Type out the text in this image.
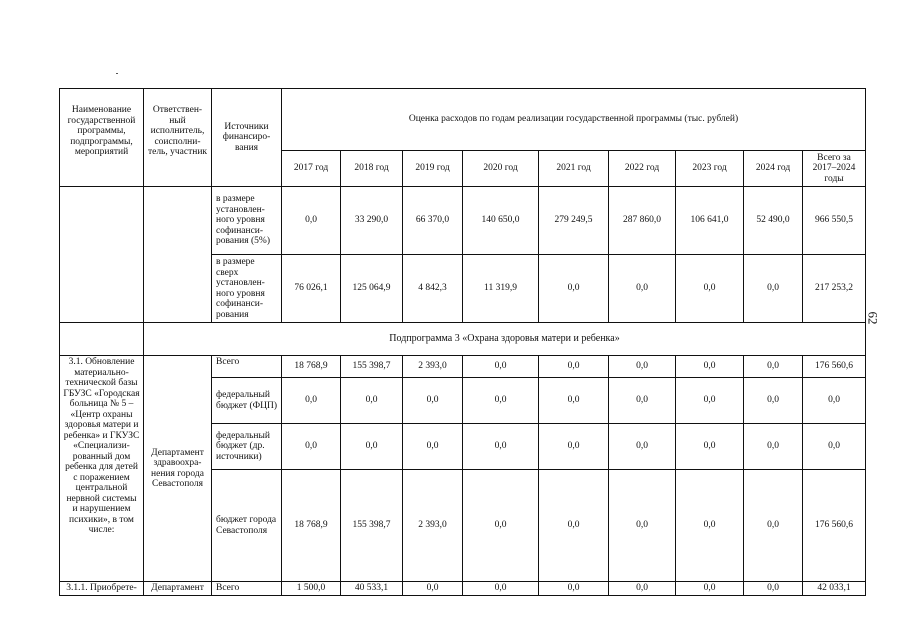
62
Наименование государственной программы, подпрограммы, мероприятий	Ответствен-ный исполнитель, соисполни-тель, участник	Источники финансиро-вания	Оценка расходов по годам реализации государственной программы (тыс. рублей)								
			2017 год	2018 год	2019 год	2020 год	2021 год	2022 год	2023 год	2024 год	Всего за 2017–2024 годы
		в размере установлен-ного уровня софинанси-рования (5%)	0,0	33 290,0	66 370,0	140 650,0	279 249,5	287 860,0	106 641,0	52 490,0	966 550,5
		в размере сверх установлен-ного уровня софинанси-рования	76 026,1	125 064,9	4 842,3	11 319,9	0,0	0,0	0,0	0,0	217 253,2
	Подпрограмма 3 «Охрана здоровья матери и ребенка»										
3.1. Обновление материально-технической базы ГБУЗС «Городская больница № 5 – «Центр охраны здоровья матери и ребенка» и ГКУЗС «Специализи-рованный дом ребенка для детей с поражением центральной нервной системы и нарушением психики», в том числе:	Департамент здравоохра-нения города Севастополя	Всего	18 768,9	155 398,7	2 393,0	0,0	0,0	0,0	0,0	0,0	176 560,6
		федеральный бюджет (ФЦП)	0,0	0,0	0,0	0,0	0,0	0,0	0,0	0,0	0,0
		федеральный бюджет (др. источники)	0,0	0,0	0,0	0,0	0,0	0,0	0,0	0,0	0,0
		бюджет города Севастополя	18 768,9	155 398,7	2 393,0	0,0	0,0	0,0	0,0	0,0	176 560,6
3.1.1. Приобрете-	Департамент	Всего	1 500,0	40 533,1	0,0	0,0	0,0	0,0	0,0	0,0	42 033,1
